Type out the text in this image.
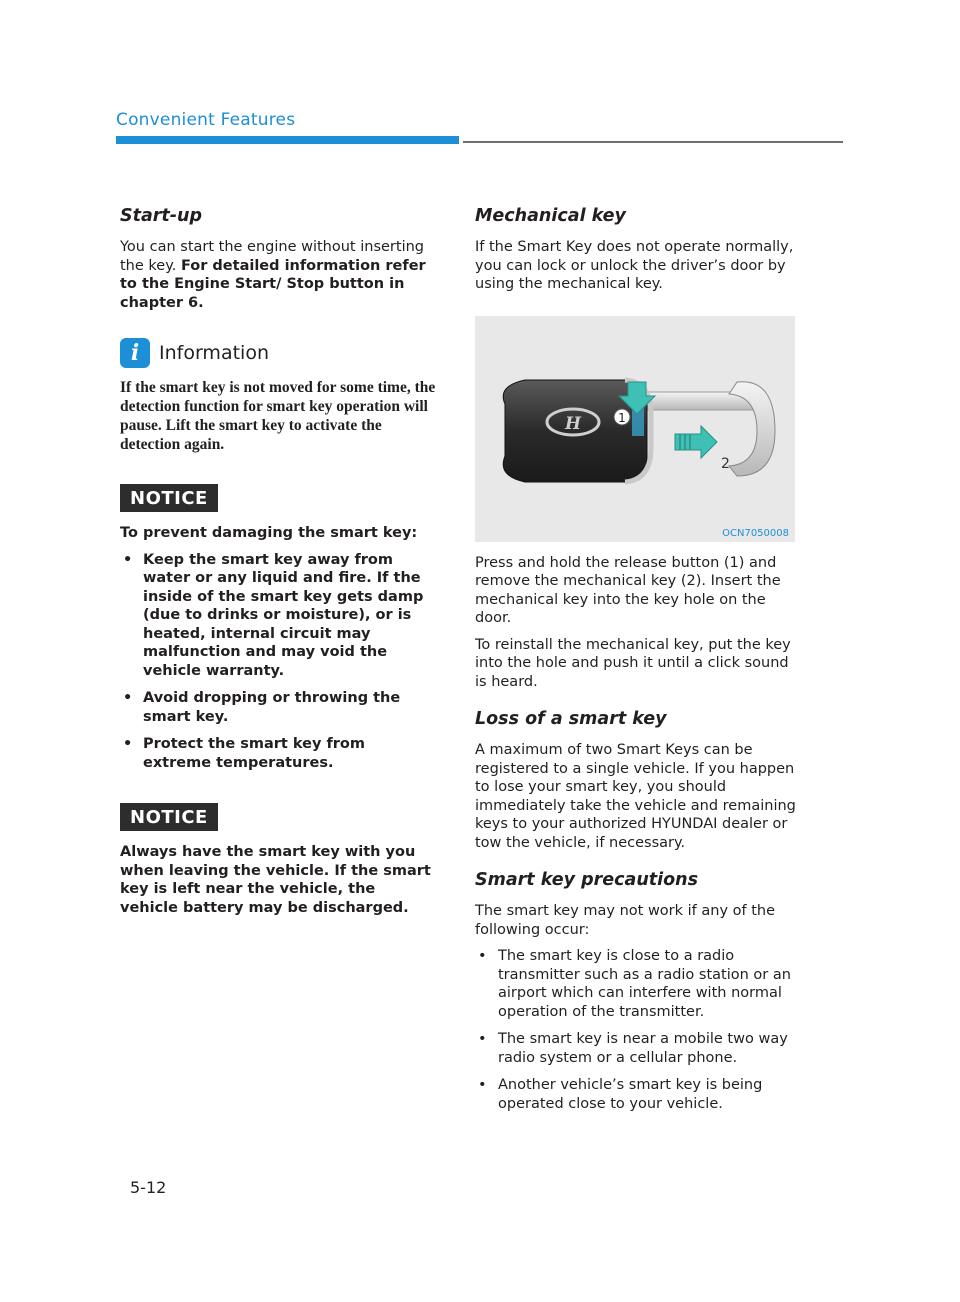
Convenient Features
Start-up

You can start the engine without inserting the key. For detailed information refer to the Engine Start/ Stop button in chapter 6.

i	Information

If the smart key is not moved for some time, the detection function for smart key operation will pause. Lift the smart key to activate the detection again.

NOTICE

To prevent damaging the smart key:

• Keep the smart key away from water or any liquid and fire. If the inside of the smart key gets damp (due to drinks or moisture), or is heated, internal circuit may malfunction and may void the vehicle warranty.
• Avoid dropping or throwing the smart key.
• Protect the smart key from extreme temperatures.
NOTICE

Always have the smart key with you when leaving the vehicle. If the smart key is left near the vehicle, the vehicle battery may be discharged.

Mechanical key

If the Smart Key does not operate normally, you can lock or unlock the driver’s door by using the mechanical key.

H	1
2
OCN7050008

Press and hold the release button (1) and remove the mechanical key (2). Insert the mechanical key into the key hole on the door.

To reinstall the mechanical key, put the key into the hole and push it until a click sound is heard.

Loss of a smart key

A maximum of two Smart Keys can be registered to a single vehicle. If you happen to lose your smart key, you should immediately take the vehicle and remaining keys to your authorized HYUNDAI dealer or tow the vehicle, if necessary.

Smart key precautions

The smart key may not work if any of the following occur:

• The smart key is close to a radio transmitter such as a radio station or an airport which can interfere with normal operation of the transmitter.
• The smart key is near a mobile two way radio system or a cellular phone.
• Another vehicle’s smart key is being operated close to your vehicle.
5-12
